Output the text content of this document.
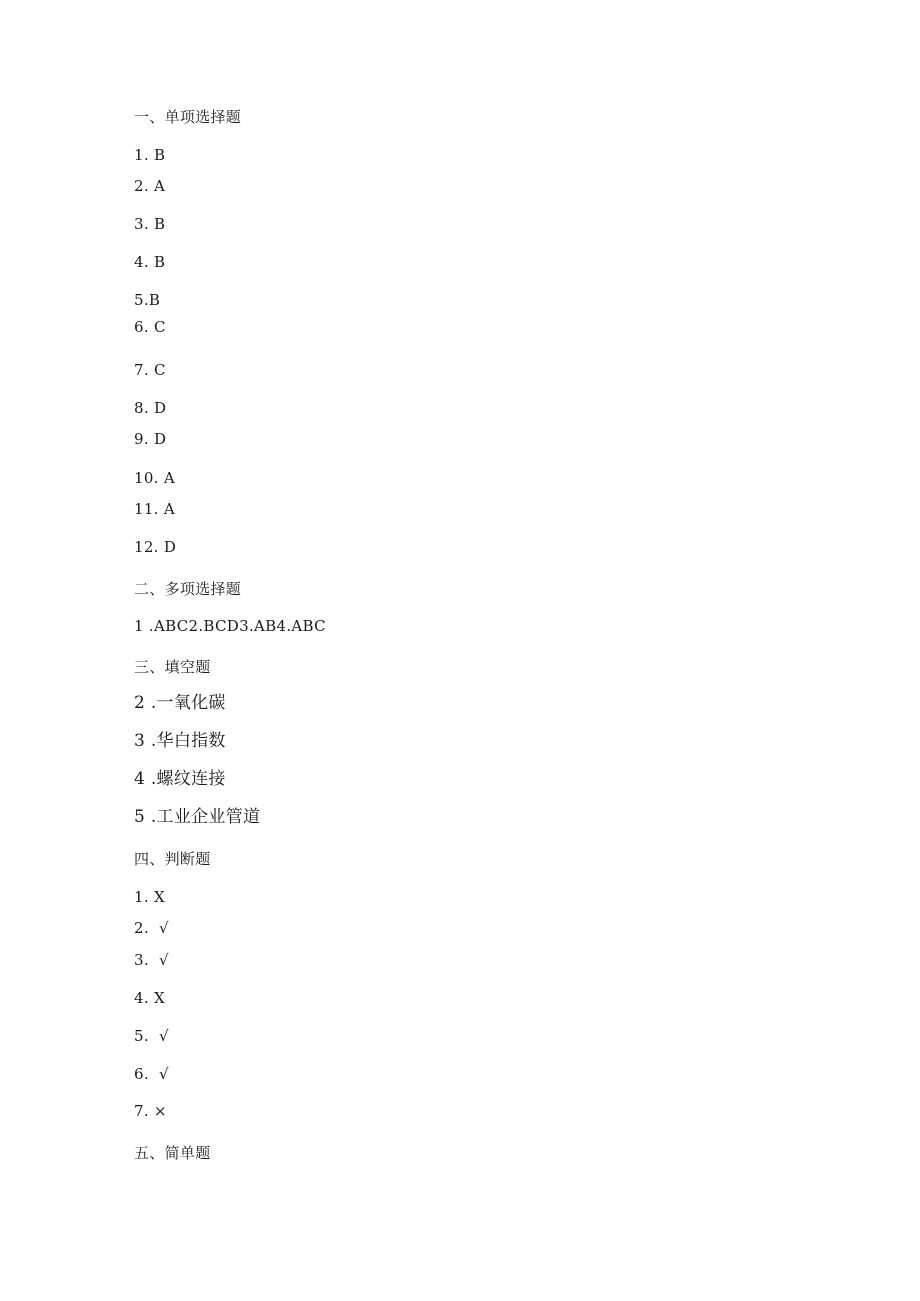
一、单项选择题
1. B
2. A
3. B
4. B
5.B
6. C
7. C
8. D
9. D
10. A
11. A
12. D
二、多项选择题
1 .ABC2.BCD3.AB4.ABC
三、填空题
2 .一氧化碳
3 .华白指数
4 .螺纹连接
5 .工业企业管道
四、判断题
1. X
2.  √
3.  √
4. X
5.  √
6.  √
7. ×
五、简单题
